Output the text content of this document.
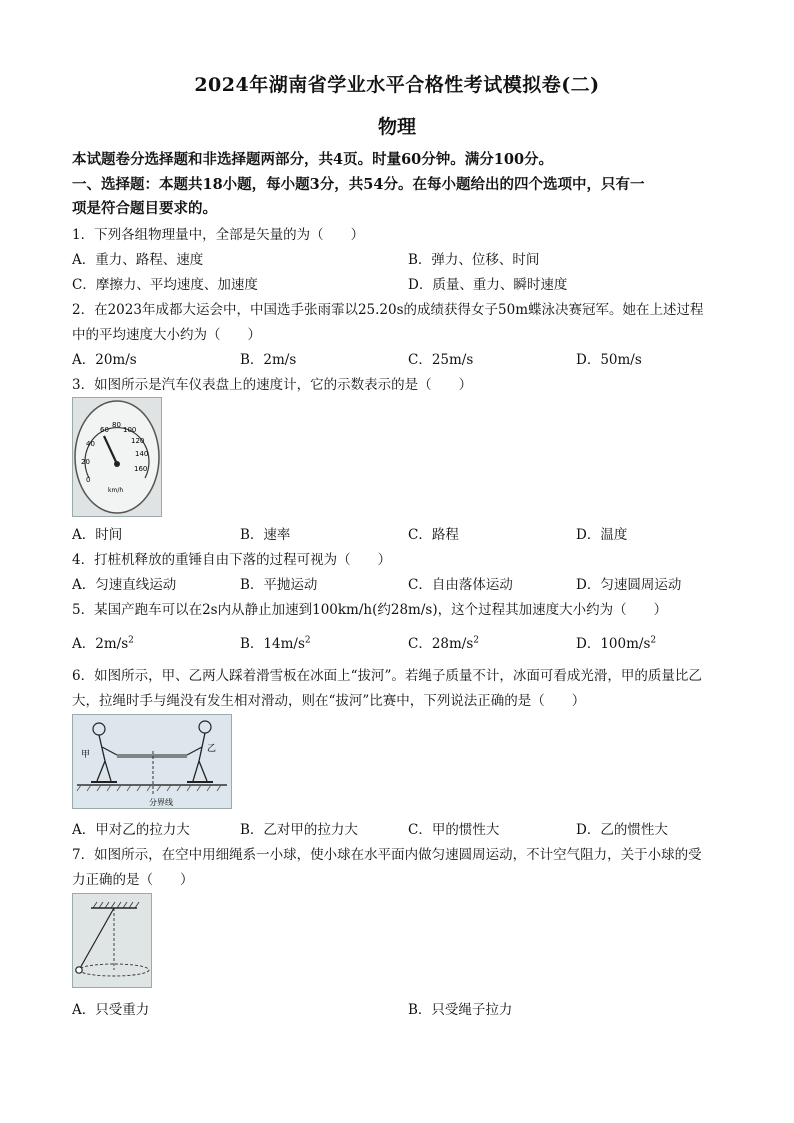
2024年湖南省学业水平合格性考试模拟卷(二)
物理
本试题卷分选择题和非选择题两部分，共4页。时量60分钟。满分100分。
一、选择题：本题共18小题，每小题3分，共54分。在每小题给出的四个选项中，只有一
项是符合题目要求的。
1．下列各组物理量中，全部是矢量的为（　　）
A．重力、路程、速度	B．弹力、位移、时间
C．摩擦力、平均速度、加速度	D．质量、重力、瞬时速度
2．在2023年成都大运会中，中国选手张雨霏以25.20s的成绩获得女子50m蝶泳决赛冠军。她在上述过程
中的平均速度大小约为（　　）
A．20m/s	B．2m/s	C．25m/s	D．50m/s
3．如图所示是汽车仪表盘上的速度计，它的示数表示的是（　　）
0
20
40
60
80
100
120
140
160
km/h
A．时间	B．速率	C．路程	D．温度
4．打桩机释放的重锤自由下落的过程可视为（　　）
A．匀速直线运动	B．平抛运动	C．自由落体运动	D．匀速圆周运动
5．某国产跑车可以在2s内从静止加速到100km/h(约28m/s)，这个过程其加速度大小约为（　　）
A．$2m/s^2$	B．$14m/s^2$	C．$28m/s^2$	D．$100m/s^2$
6．如图所示，甲、乙两人踩着滑雪板在冰面上“拔河”。若绳子质量不计，冰面可看成光滑，甲的质量比乙
大，拉绳时手与绳没有发生相对滑动，则在“拔河”比赛中，下列说法正确的是（　　）
分界线
甲
乙
A．甲对乙的拉力大	B．乙对甲的拉力大	C．甲的惯性大	D．乙的惯性大
7．如图所示，在空中用细绳系一小球，使小球在水平面内做匀速圆周运动，不计空气阻力，关于小球的受
力正确的是（　　）
A．只受重力	B．只受绳子拉力
